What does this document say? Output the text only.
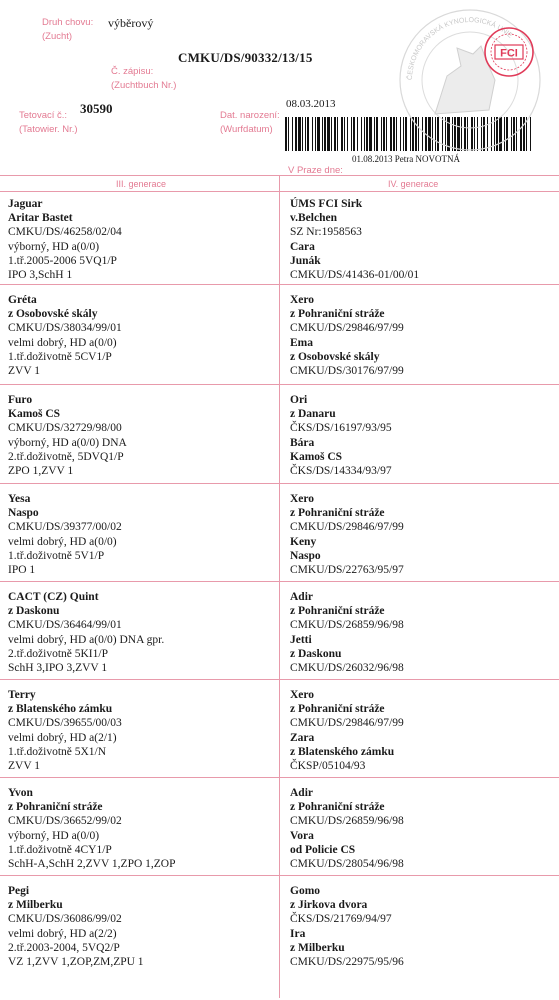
Druh chovu:
(Zucht)
výběrový
CMKU/DS/90332/13/15
Č. zápisu:
(Zuchtbuch Nr.)
Tetovací č.:
(Tatowier. Nr.)
30590	Dat. narození:
(Wurfdatum)
08.03.2013
01.08.2013 Petra NOVOTNÁ
V Praze dne:
ČESKOMORAVSKÁ KYNOLOGICKÁ UNIE
FCI
III. generace	IV. generace
Jaguar
Aritar Bastet
CMKU/DS/46258/02/04
výborný, HD a(0/0)
1.tř.2005-2006 5VQ1/P
IPO 3,SchH 1
ÚMS FCI Sirk
v.Belchen
SZ Nr:1958563
Cara
Junák
CMKU/DS/41436-01/00/01
Gréta
z Osobovské skály
CMKU/DS/38034/99/01
velmi dobrý, HD a(0/0)
1.tř.doživotně 5CV1/P
ZVV 1
Xero
z Pohraniční stráže
CMKU/DS/29846/97/99
Ema
z Osobovské skály
CMKU/DS/30176/97/99
Furo
Kamoš CS
CMKU/DS/32729/98/00
výborný, HD a(0/0) DNA
2.tř.doživotně, 5DVQ1/P
ZPO 1,ZVV 1
Ori
z Danaru
ČKS/DS/16197/93/95
Bára
Kamoš CS
ČKS/DS/14334/93/97
Yesa
Naspo
CMKU/DS/39377/00/02
velmi dobrý, HD a(0/0)
1.tř.doživotně 5V1/P
IPO 1
Xero
z Pohraniční stráže
CMKU/DS/29846/97/99
Keny
Naspo
CMKU/DS/22763/95/97
CACT (CZ) Quint
z Daskonu
CMKU/DS/36464/99/01
velmi dobrý, HD a(0/0) DNA gpr.
2.tř.doživotně 5KI1/P
SchH 3,IPO 3,ZVV 1
Adir
z Pohraniční stráže
CMKU/DS/26859/96/98
Jetti
z Daskonu
CMKU/DS/26032/96/98
Terry
z Blatenského zámku
CMKU/DS/39655/00/03
velmi dobrý, HD a(2/1)
1.tř.doživotně 5X1/N
ZVV 1
Xero
z Pohraniční stráže
CMKU/DS/29846/97/99
Zara
z Blatenského zámku
ČKSP/05104/93
Yvon
z Pohraniční stráže
CMKU/DS/36652/99/02
výborný, HD a(0/0)
1.tř.doživotně 4CY1/P
SchH-A,SchH 2,ZVV 1,ZPO 1,ZOP
Adir
z Pohraniční stráže
CMKU/DS/26859/96/98
Vora
od Policie CS
CMKU/DS/28054/96/98
Pegi
z Milberku
CMKU/DS/36086/99/02
velmi dobrý, HD a(2/2)
2.tř.2003-2004, 5VQ2/P
VZ 1,ZVV 1,ZOP,ZM,ZPU 1
Gomo
z Jirkova dvora
ČKS/DS/21769/94/97
Ira
z Milberku
CMKU/DS/22975/95/96
